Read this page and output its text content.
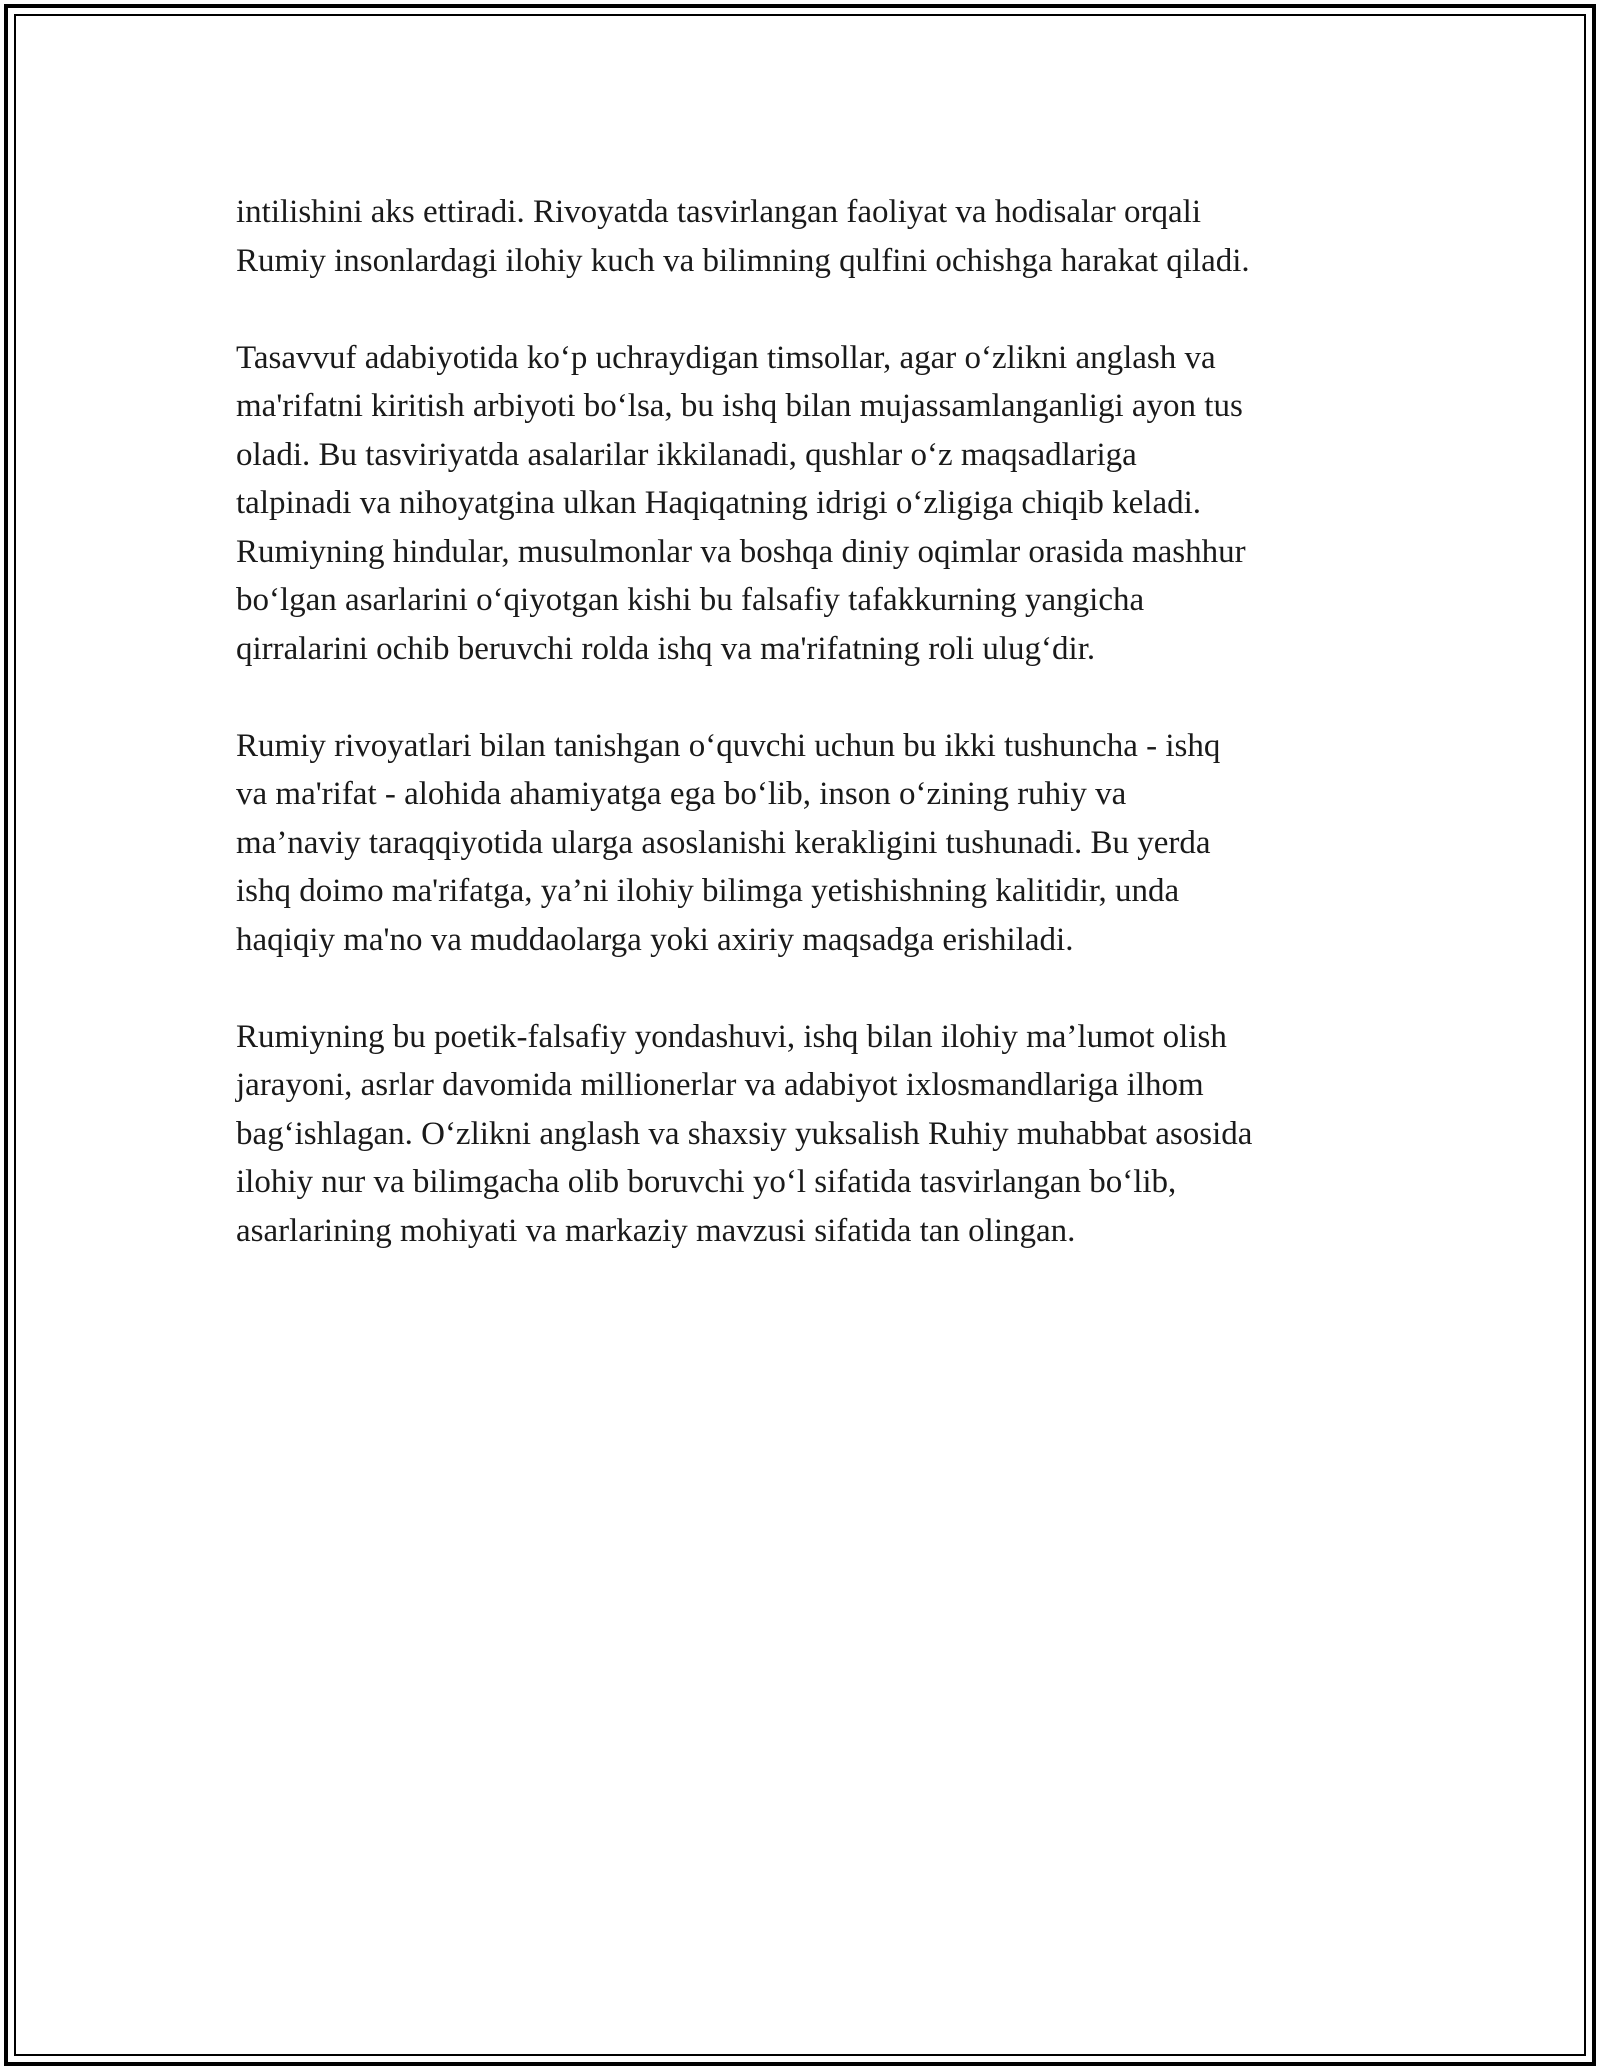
intilishini aks ettiradi. Rivoyatda tasvirlangan faoliyat va hodisalar orqali
Rumiy insonlardagi ilohiy kuch va bilimning qulfini ochishga harakat qiladi.

Tasavvuf adabiyotida ko‘p uchraydigan timsollar, agar o‘zlikni anglash va
ma'rifatni kiritish arbiyoti bo‘lsa, bu ishq bilan mujassamlanganligi ayon tus
oladi. Bu tasviriyatda asalarilar ikkilanadi, qushlar o‘z maqsadlariga
talpinadi va nihoyatgina ulkan Haqiqatning idrigi o‘zligiga chiqib keladi.
Rumiyning hindular, musulmonlar va boshqa diniy oqimlar orasida mashhur
bo‘lgan asarlarini o‘qiyotgan kishi bu falsafiy tafakkurning yangicha
qirralarini ochib beruvchi rolda ishq va ma'rifatning roli ulug‘dir.

Rumiy rivoyatlari bilan tanishgan o‘quvchi uchun bu ikki tushuncha - ishq
va ma'rifat - alohida ahamiyatga ega bo‘lib, inson o‘zining ruhiy va
ma’naviy taraqqiyotida ularga asoslanishi kerakligini tushunadi. Bu yerda
ishq doimo ma'rifatga, ya’ni ilohiy bilimga yetishishning kalitidir, unda
haqiqiy ma'no va muddaolarga yoki axiriy maqsadga erishiladi.

Rumiyning bu poetik-falsafiy yondashuvi, ishq bilan ilohiy ma’lumot olish
jarayoni, asrlar davomida millionerlar va adabiyot ixlosmandlariga ilhom
bag‘ishlagan. O‘zlikni anglash va shaxsiy yuksalish Ruhiy muhabbat asosida
ilohiy nur va bilimgacha olib boruvchi yo‘l sifatida tasvirlangan bo‘lib,
asarlarining mohiyati va markaziy mavzusi sifatida tan olingan.
